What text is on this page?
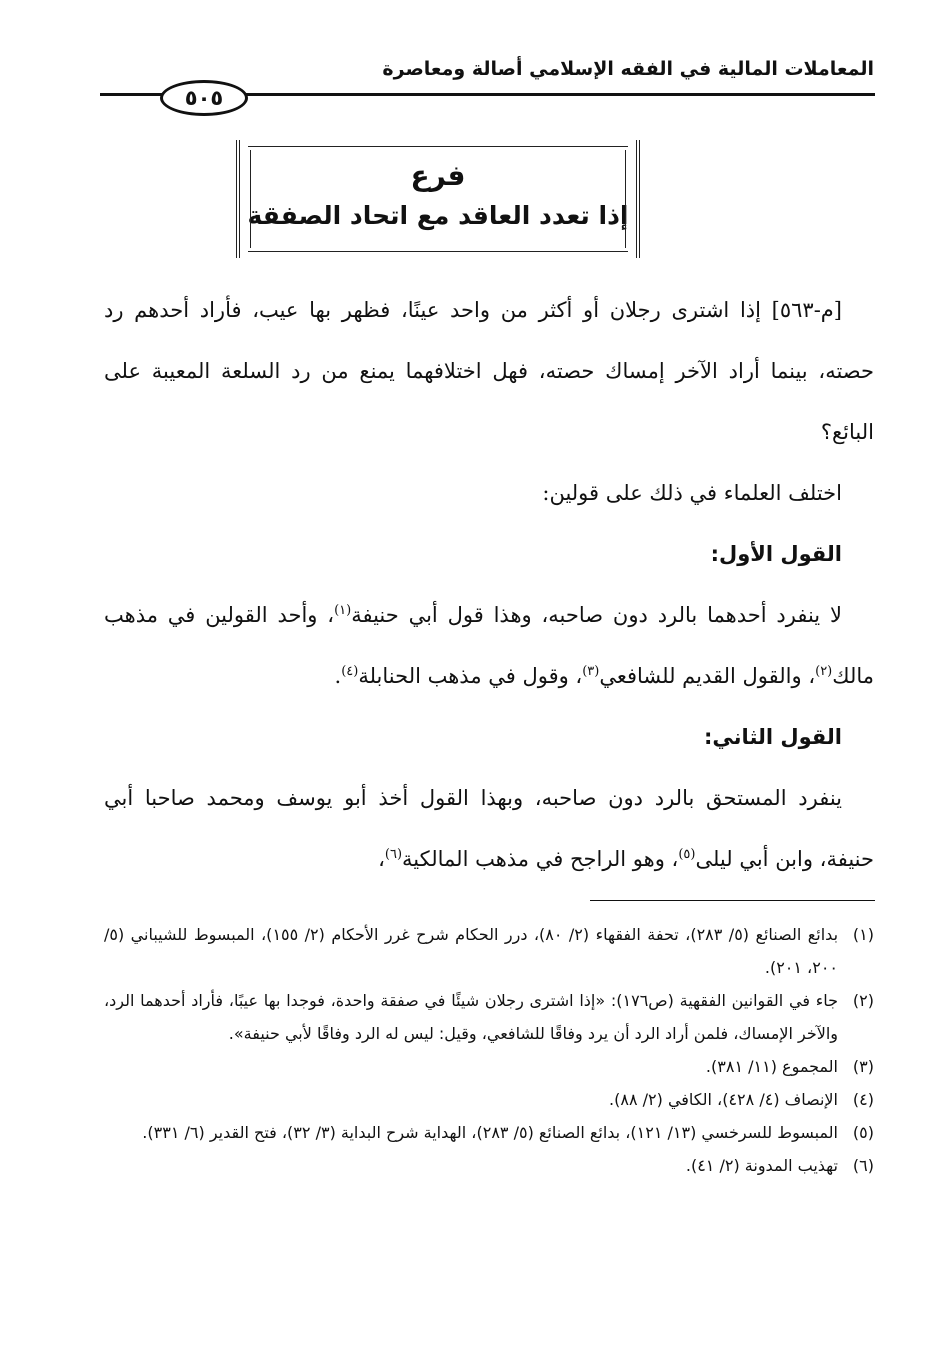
المعاملات المالية في الفقه الإسلامي أصالة ومعاصرة
٥٠٥
فرع
إذا تعدد العاقد مع اتحاد الصفقة

[م-٥٦٣] إذا اشترى رجلان أو أكثر من واحد عينًا، فظهر بها عيب، فأراد أحدهم رد حصته، بينما أراد الآخر إمساك حصته، فهل اختلافهما يمنع من رد السلعة المعيبة على البائع؟

اختلف العلماء في ذلك على قولين:

القول الأول:

لا ينفرد أحدهما بالرد دون صاحبه، وهذا قول أبي حنيفة$^{(١)}$، وأحد القولين في مذهب مالك$^{(٢)}$، والقول القديم للشافعي$^{(٣)}$، وقول في مذهب الحنابلة$^{(٤)}$.

القول الثاني:

ينفرد المستحق بالرد دون صاحبه، وبهذا القول أخذ أبو يوسف ومحمد صاحبا أبي حنيفة، وابن أبي ليلى$^{(٥)}$، وهو الراجح في مذهب المالكية$^{(٦)}$،

(١)
بدائع الصنائع (٥/ ٢٨٣)، تحفة الفقهاء (٢/ ٨٠)، درر الحكام شرح غرر الأحكام (٢/ ١٥٥)، المبسوط للشيباني (٥/ ٢٠٠، ٢٠١).
(٢)
جاء في القوانين الفقهية (ص١٧٦): «إذا اشترى رجلان شيئًا في صفقة واحدة، فوجدا بها عيبًا، فأراد أحدهما الرد، والآخر الإمساك، فلمن أراد الرد أن يرد وفاقًا للشافعي، وقيل: ليس له الرد وفاقًا لأبي حنيفة».
(٣)
المجموع (١١/ ٣٨١).
(٤)
الإنصاف (٤/ ٤٢٨)، الكافي (٢/ ٨٨).
(٥)
المبسوط للسرخسي (١٣/ ١٢١)، بدائع الصنائع (٥/ ٢٨٣)، الهداية شرح البداية (٣/ ٣٢)، فتح القدير (٦/ ٣٣١).
(٦)
تهذيب المدونة (٢/ ٤١).
